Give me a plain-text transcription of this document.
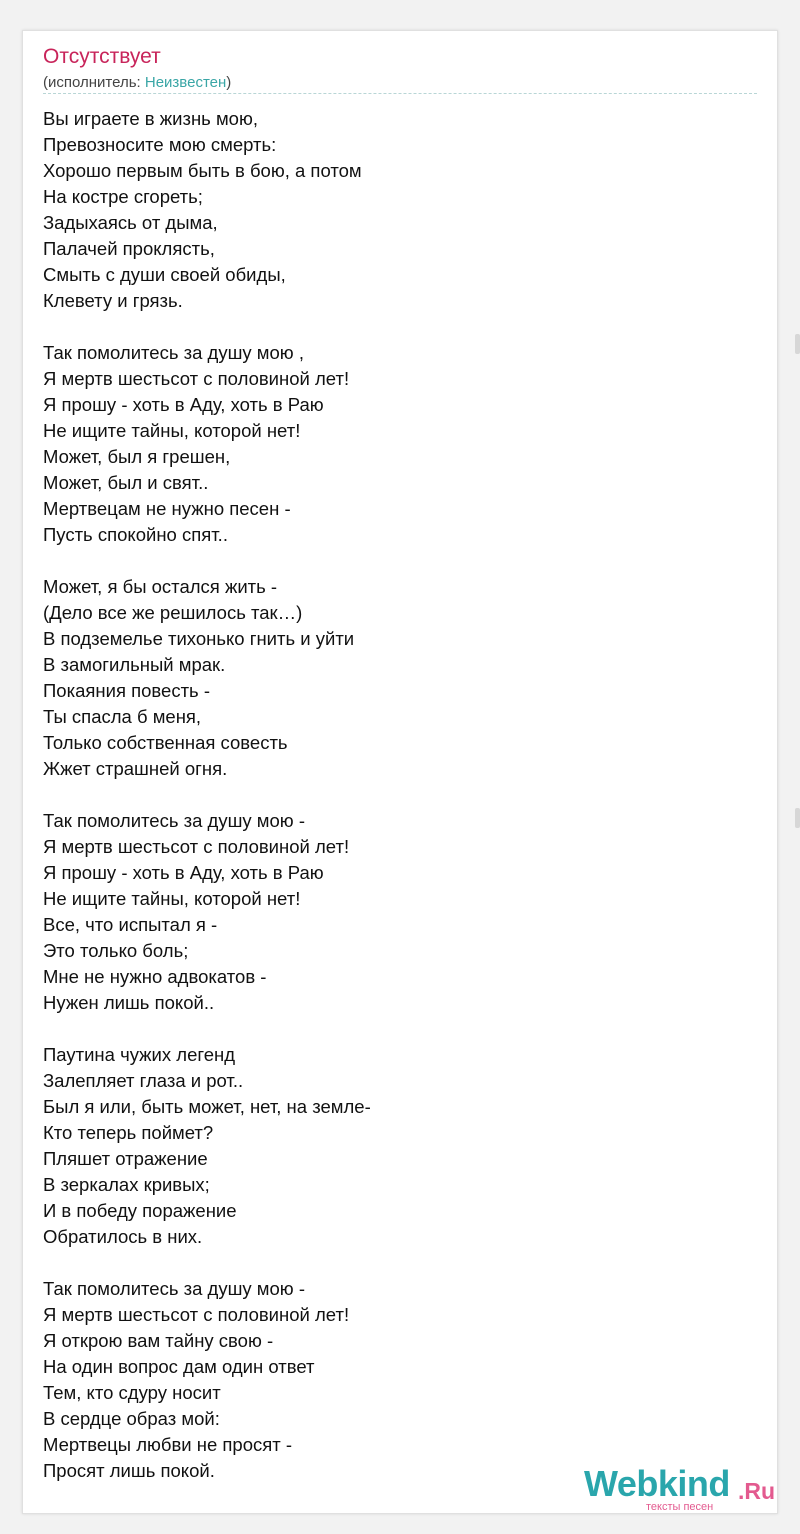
Отсутствует
(исполнитель: Неизвестен)
Вы играете в жизнь мою,
Превозносите мою смерть:
Хорошо первым быть в бою, а потом
На костре сгореть;
Задыхаясь от дыма,
Палачей проклясть,
Смыть с души своей обиды,
Клевету и грязь.
Так помолитесь за душу мою ,
Я мертв шестьсот с половиной лет!
Я прошу - хоть в Аду, хоть в Раю
Не ищите тайны, которой нет!
Может, был я грешен,
Может, был и свят..
Мертвецам не нужно песен -
Пусть спокойно спят..
Может, я бы остался жить -
(Дело все же решилось так…)
В подземелье тихонько гнить и уйти
В замогильный мрак.
Покаяния повесть -
Ты спасла б меня,
Только собственная совесть
Жжет страшней огня.
Так помолитесь за душу мою -
Я мертв шестьсот с половиной лет!
Я прошу - хоть в Аду, хоть в Раю
Не ищите тайны, которой нет!
Все, что испытал я -
Это только боль;
Мне не нужно адвокатов -
Нужен лишь покой..
Паутина чужих легенд
Залепляет глаза и рот..
Был я или, быть может, нет, на земле-
Кто теперь поймет?
Пляшет отражение
В зеркалах кривых;
И в победу поражение
Обратилось в них.
Так помолитесь за душу мою -
Я мертв шестьсот с половиной лет!
Я открою вам тайну свою -
На один вопрос дам один ответ
Тем, кто сдуру носит
В сердце образ мой:
Мертвецы любви не просят -
Просят лишь покой.	Webkind .Ru
тексты песен
